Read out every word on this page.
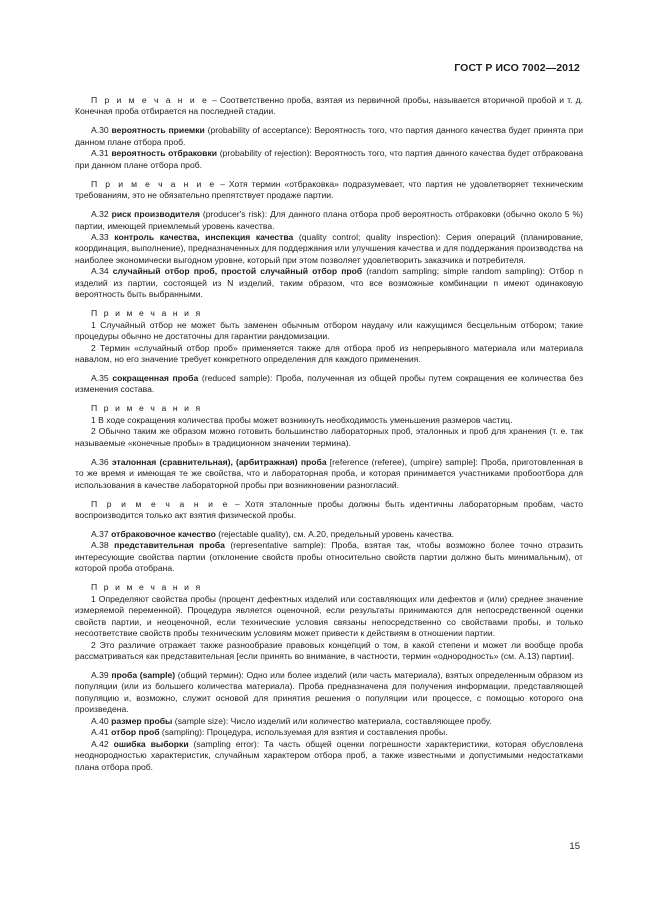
ГОСТ Р ИСО 7002—2012

П р и м е ч а н и е – Соответственно проба, взятая из первичной пробы, называется вторичной пробой и т. д. Конечная проба отбирается на последней стадии.

A.30 вероятность приемки (probability of acceptance): Вероятность того, что партия данного качества будет принята при данном плане отбора проб.

A.31 вероятность отбраковки (probability of rejection): Вероятность того, что партия данного качества будет отбракована при данном плане отбора проб.

П р и м е ч а н и е – Хотя термин «отбраковка» подразумевает, что партия не удовлетворяет техническим требованиям, это не обязательно препятствует продаже партии.

A.32 риск производителя (producer's risk): Для данного плана отбора проб вероятность отбраковки (обычно около 5 %) партии, имеющей приемлемый уровень качества.

A.33 контроль качества, инспекция качества (quality control; quality inspection): Серия операций (планирование, координация, выполнение), предназначенных для поддержания или улучшения качества и для поддержания производства на наиболее экономически выгодном уровне, который при этом позволяет удовлетворить заказчика и потребителя.

A.34 случайный отбор проб, простой случайный отбор проб (random sampling; simple random sampling): Отбор n изделий из партии, состоящей из N изделий, таким образом, что все возможные комбинации n имеют одинаковую вероятность быть выбранными.

П р и м е ч а н и я

1 Случайный отбор не может быть заменен обычным отбором наудачу или кажущимся бесцельным отбором; такие процедуры обычно не достаточны для гарантии рандомизации.

2 Термин «случайный отбор проб» применяется также для отбора проб из непрерывного материала или материала навалом, но его значение требует конкретного определения для каждого применения.

A.35 сокращенная проба (reduced sample): Проба, полученная из общей пробы путем сокращения ее количества без изменения состава.

П р и м е ч а н и я

1 В ходе сокращения количества пробы может возникнуть необходимость уменьшения размеров частиц.

2 Обычно таким же образом можно готовить большинство лабораторных проб, эталонных и проб для хранения (т. е. так называемые «конечные пробы» в традиционном значении термина).

A.36 эталонная (сравнительная), (арбитражная) проба [reference (referee), (umpire) sample]: Проба, приготовленная в то же время и имеющая те же свойства, что и лабораторная проба, и которая принимается участниками пробоотбора для использования в качестве лабораторной пробы при возникновении разногласий.

П р и м е ч а н и е – Хотя эталонные пробы должны быть идентичны лабораторным пробам, часто воспроизводится только акт взятия физической пробы.

A.37 отбраковочное качество (rejectable quality), см. A.20, предельный уровень качества.

A.38 представительная проба (representative sample): Проба, взятая так, чтобы возможно более точно отразить интересующие свойства партии (отклонение свойств пробы относительно свойств партии должно быть минимальным), от которой проба отобрана.

П р и м е ч а н и я

1 Определяют свойства пробы (процент дефектных изделий или составляющих или дефектов и (или) среднее значение измеряемой переменной). Процедура является оценочной, если результаты принимаются для непосредственной оценки свойств партии, и неоценочной, если технические условия связаны непосредственно со свойствами пробы, и только несоответствие свойств пробы техническим условиям может привести к действиям в отношении партии.

2 Это различие отражает также разнообразие правовых концепций о том, в какой степени и может ли вообще проба рассматриваться как представительная [если принять во внимание, в частности, термин «однородность» (см. A.13) партии].

A.39 проба (sample) (общий термин): Одно или более изделий (или часть материала), взятых определенным образом из популяции (или из большего количества материала). Проба предназначена для получения информации, представляющей популяцию и, возможно, служит основой для принятия решения о популяции или процессе, с помощью которого она произведена.

A.40 размер пробы (sample size): Число изделий или количество материала, составляющее пробу.

A.41 отбор проб (sampling): Процедура, используемая для взятия и составления пробы.

A.42 ошибка выборки (sampling error): Та часть общей оценки погрешности характеристики, которая обусловлена неоднородностью характеристик, случайным характером отбора проб, а также известными и допустимыми недостатками плана отбора проб.

15
